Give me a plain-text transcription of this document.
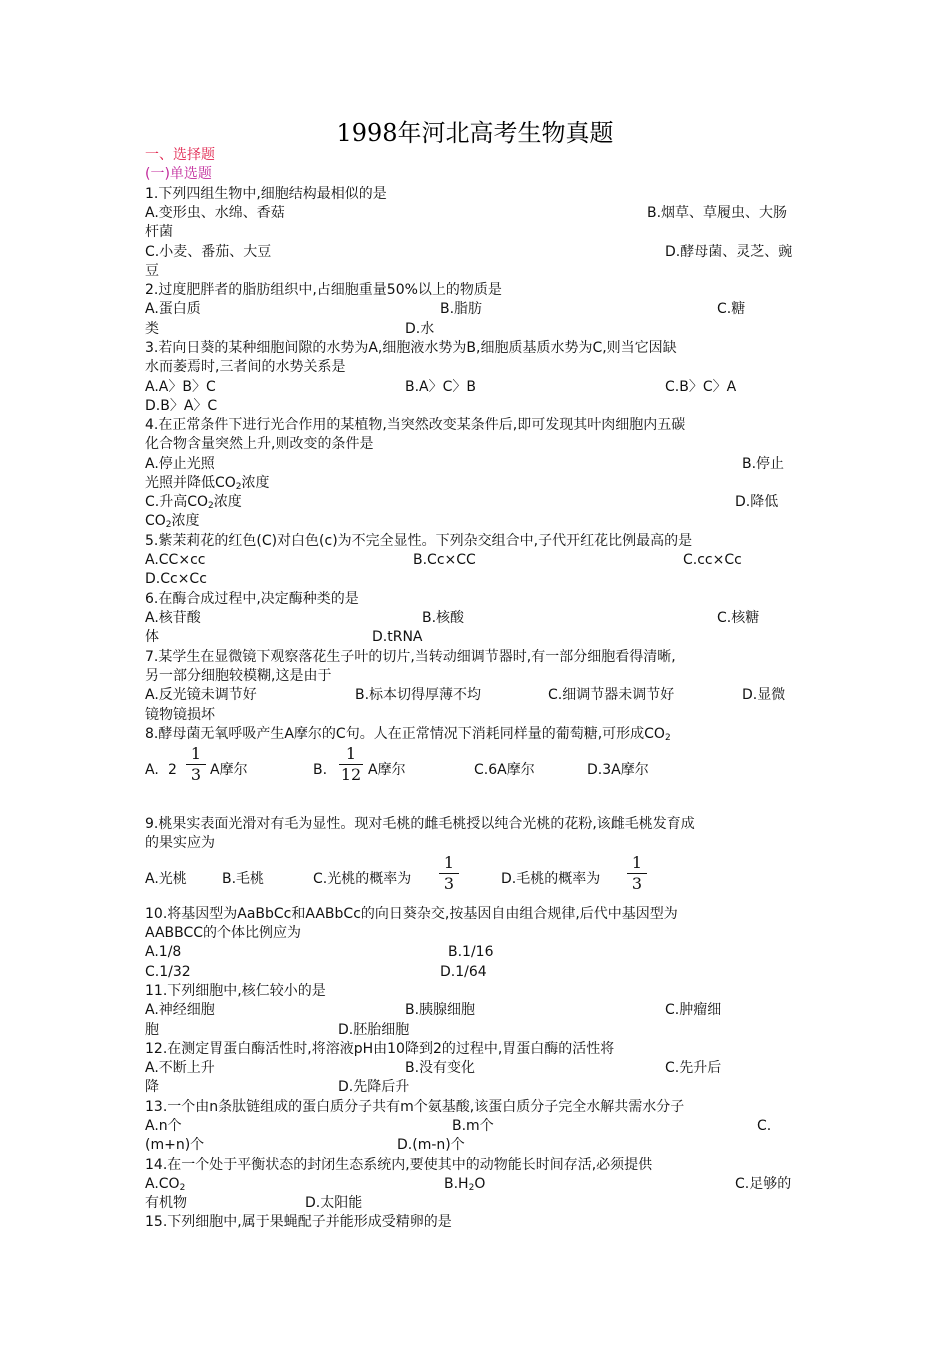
1998年河北高考生物真题
一、选择题
(一)单选题
1.下列四组生物中,细胞结构最相似的是
A.变形虫、水绵、香菇	B.烟草、草履虫、大肠
杆菌
C.小麦、番茄、大豆	D.酵母菌、灵芝、豌
豆
2.过度肥胖者的脂肪组织中,占细胞重量50%以上的物质是
A.蛋白质	B.脂肪	C.糖
类	D.水
3.若向日葵的某种细胞间隙的水势为A,细胞液水势为B,细胞质基质水势为C,则当它因缺
水而萎焉时,三者间的水势关系是
A.A〉B〉C	B.A〉C〉B	C.B〉C〉A
D.B〉A〉C
4.在正常条件下进行光合作用的某植物,当突然改变某条件后,即可发现其叶肉细胞内五碳
化合物含量突然上升,则改变的条件是
A.停止光照	B.停止
光照并降低$CO_2$浓度
C.升高$CO_2$浓度	D.降低
$CO_2$浓度
5.紫茉莉花的红色(C)对白色(c)为不完全显性。下列杂交组合中,子代开红花比例最高的是
A.CC×cc	B.Cc×CC	C.cc×Cc
D.Cc×Cc
6.在酶合成过程中,决定酶种类的是
A.核苷酸	B.核酸	C.核糖
体	D.tRNA
7.某学生在显微镜下观察落花生子叶的切片,当转动细调节器时,有一部分细胞看得清晰,
另一部分细胞较模糊,这是由于
A.反光镜未调节好	B.标本切得厚薄不均	C.细调节器未调节好	D.显微
镜物镜损坏
8.酵母菌无氧呼吸产生A摩尔的C句。人在正常情况下消耗同样量的葡萄糖,可形成$CO_2$
A. 2
1
3 A摩尔	B.
1
12 A摩尔	C.6A摩尔	D.3A摩尔
9.桃果实表面光滑对有毛为显性。现对毛桃的雌毛桃授以纯合光桃的花粉,该雌毛桃发育成
的果实应为
A.光桃	B.毛桃	C.光桃的概率为
1
3	D.毛桃的概率为
1
3
10.将基因型为AaBbCc和AABbCc的向日葵杂交,按基因自由组合规律,后代中基因型为
AABBCC的个体比例应为
A.1/8	B.1/16
C.1/32	D.1/64
11.下列细胞中,核仁较小的是
A.神经细胞	B.胰腺细胞	C.肿瘤细
胞	D.胚胎细胞
12.在测定胃蛋白酶活性时,将溶液pH由10降到2的过程中,胃蛋白酶的活性将
A.不断上升	B.没有变化	C.先升后
降	D.先降后升
13.一个由n条肽链组成的蛋白质分子共有m个氨基酸,该蛋白质分子完全水解共需水分子
A.n个	B.m个	C.
(m+n)个	D.(m-n)个
14.在一个处于平衡状态的封闭生态系统内,要使其中的动物能长时间存活,必须提供
$A.CO_2$	$B.H_2O$	C.足够的
有机物	D.太阳能
15.下列细胞中,属于果蝇配子并能形成受精卵的是
